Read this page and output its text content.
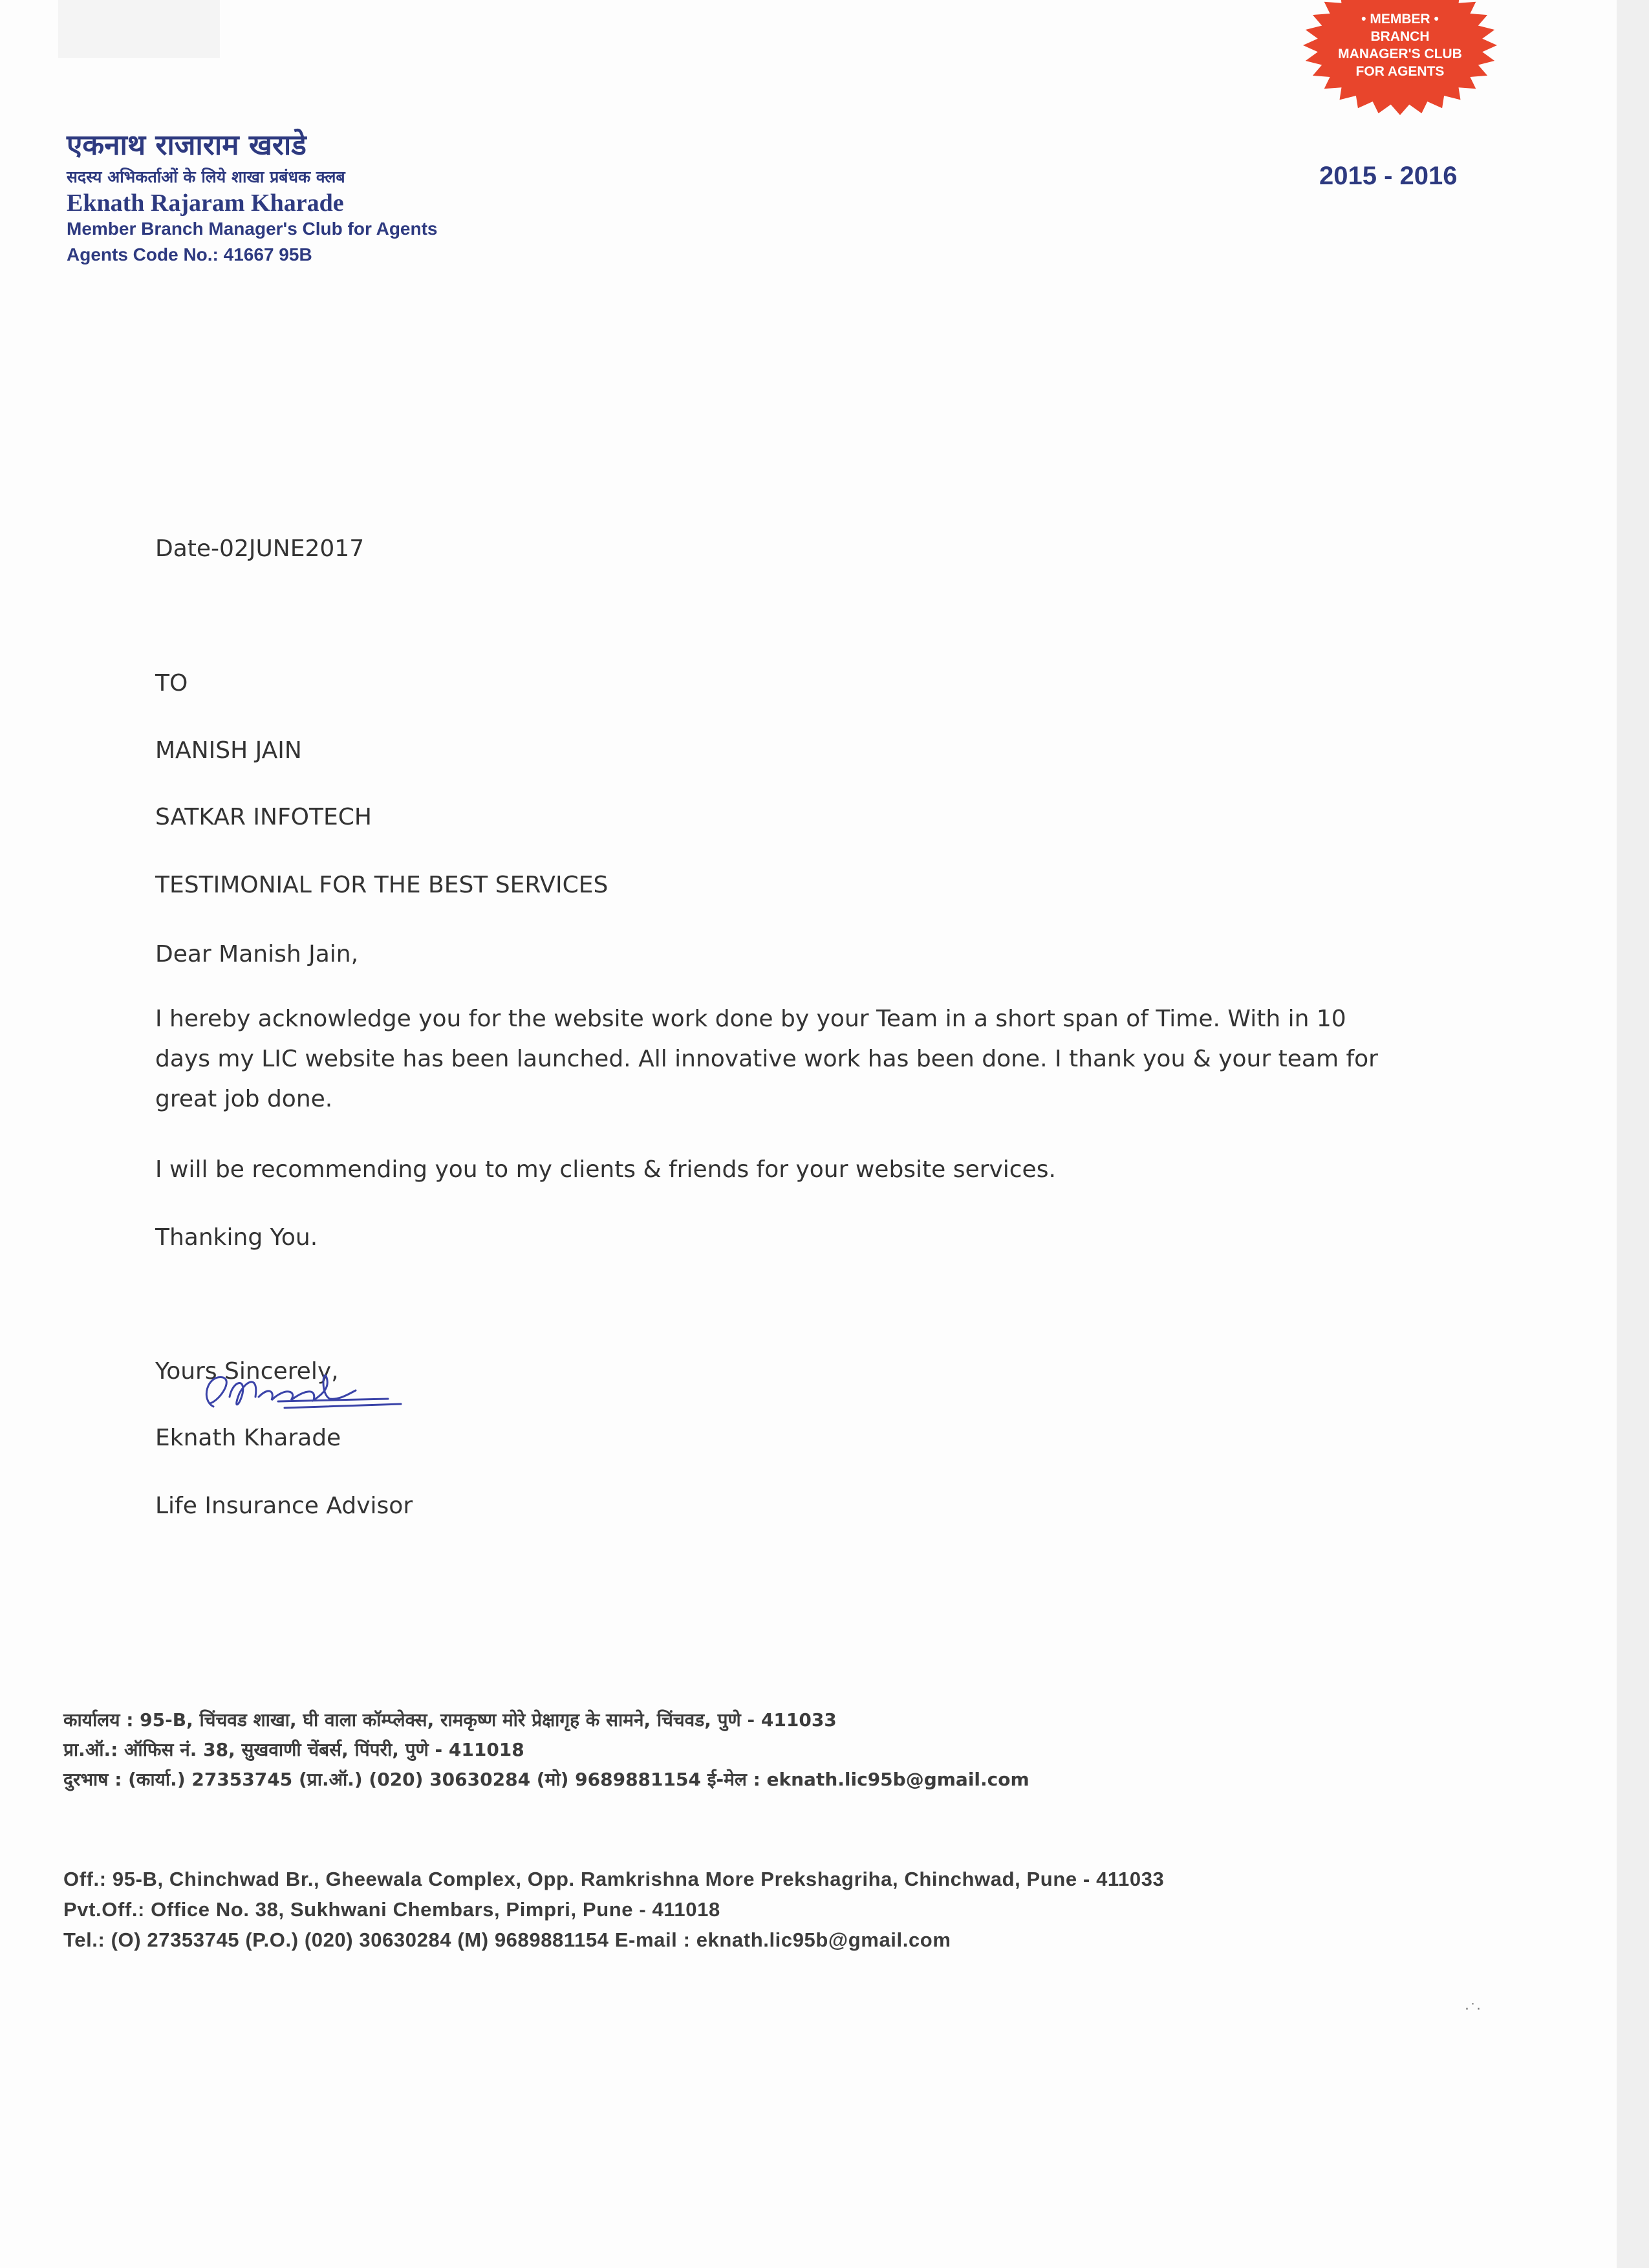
एकनाथ राजाराम खराडे
सदस्य अभिकर्ताओं के लिये शाखा प्रबंधक क्लब
Eknath Rajaram Kharade
Member Branch Manager's Club for Agents
Agents Code No.: 41667 95B
2015 - 2016
• MEMBER •
BRANCH
MANAGER'S CLUB
FOR AGENTS
Date-02JUNE2017
TO
MANISH JAIN
SATKAR INFOTECH
TESTIMONIAL FOR THE BEST SERVICES
Dear Manish Jain,
I hereby acknowledge you for the website work done by your Team in a short span of Time. With in 10
days my LIC website has been launched. All innovative work has been done. I thank you & your team for
great job done.
I will be recommending you to my clients & friends for your website services.
Thanking You.
Yours Sincerely,
Eknath Kharade
Life Insurance Advisor
कार्यालय : 95-B, चिंचवड शाखा, घी वाला कॉम्प्लेक्स, रामकृष्ण मोरे प्रेक्षागृह के सामने, चिंचवड, पुणे - 411033
प्रा.ऑ.: ऑफिस नं. 38, सुखवाणी चेंबर्स, पिंपरी, पुणे - 411018
दुरभाष : (कार्या.) 27353745 (प्रा.ऑ.) (020) 30630284 (मो) 9689881154 ई-मेल : eknath.lic95b@gmail.com
Off.: 95-B, Chinchwad Br., Gheewala Complex, Opp. Ramkrishna More Prekshagriha, Chinchwad, Pune - 411033
Pvt.Off.: Office No. 38, Sukhwani Chembars, Pimpri, Pune - 411018
Tel.: (O) 27353745 (P.O.) (020) 30630284 (M) 9689881154 E-mail : eknath.lic95b@gmail.com
·˙·
